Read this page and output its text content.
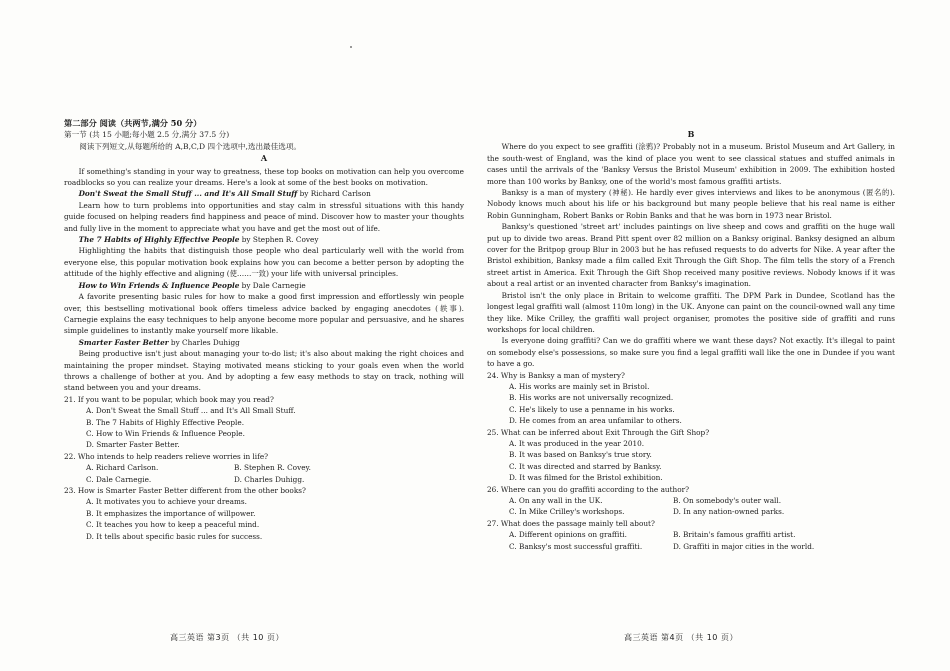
第二部分 阅读（共两节,满分 50 分）
第一节 (共 15 小题;每小题 2.5 分,满分 37.5 分)
阅读下列短文,从每题所给的 A,B,C,D 四个选项中,选出最佳选项。
A
If something's standing in your way to greatness, these top books on motivation can help you overcome roadblocks so you can realize your dreams. Here's a look at some of the best books on motivation.
Don't Sweat the Small Stuff ... and It's All Small Stuff by Richard Carlson
Learn how to turn problems into opportunities and stay calm in stressful situations with this handy guide focused on helping readers find happiness and peace of mind. Discover how to master your thoughts and fully live in the moment to appreciate what you have and get the most out of life.
The 7 Habits of Highly Effective People by Stephen R. Covey
Highlighting the habits that distinguish those people who deal particularly well with the world from everyone else, this popular motivation book explains how you can become a better person by adopting the attitude of the highly effective and aligning (使……一致) your life with universal principles.
How to Win Friends & Influence People by Dale Carnegie
A favorite presenting basic rules for how to make a good first impression and effortlessly win people over, this bestselling motivational book offers timeless advice backed by engaging anecdotes (轶事). Carnegie explains the easy techniques to help anyone become more popular and persuasive, and he shares simple guidelines to instantly make yourself more likable.
Smarter Faster Better by Charles Duhigg
Being productive isn't just about managing your to-do list; it's also about making the right choices and maintaining the proper mindset. Staying motivated means sticking to your goals even when the world throws a challenge of bother at you. And by adopting a few easy methods to stay on track, nothing will stand between you and your dreams.
21. If you want to be popular, which book may you read?
A. Don't Sweat the Small Stuff ... and It's All Small Stuff.
B. The 7 Habits of Highly Effective People.
C. How to Win Friends & Influence People.
D. Smarter Faster Better.
22. Who intends to help readers relieve worries in life?
A. Richard Carlson.	B. Stephen R. Covey.
C. Dale Carnegie.	D. Charles Duhigg.
23. How is Smarter Faster Better different from the other books?
A. It motivates you to achieve your dreams.
B. It emphasizes the importance of willpower.
C. It teaches you how to keep a peaceful mind.
D. It tells about specific basic rules for success.
B
Where do you expect to see graffiti (涂鸦)? Probably not in a museum. Bristol Museum and Art Gallery, in the south-west of England, was the kind of place you went to see classical statues and stuffed animals in cases until the arrivals of the 'Banksy Versus the Bristol Museum' exhibition in 2009. The exhibition hosted more than 100 works by Banksy, one of the world's most famous graffiti artists.
Banksy is a man of mystery (神秘). He hardly ever gives interviews and likes to be anonymous (匿名的). Nobody knows much about his life or his background but many people believe that his real name is either Robin Gunningham, Robert Banks or Robin Banks and that he was born in 1973 near Bristol.
Banksy's questioned 'street art' includes paintings on live sheep and cows and graffiti on the huge wall put up to divide two areas. Brand Pitt spent over 82 million on a Banksy original. Banksy designed an album cover for the Britpop group Blur in 2003 but he has refused requests to do adverts for Nike. A year after the Bristol exhibition, Banksy made a film called Exit Through the Gift Shop. The film tells the story of a French street artist in America. Exit Through the Gift Shop received many positive reviews. Nobody knows if it was about a real artist or an invented character from Banksy's imagination.
Bristol isn't the only place in Britain to welcome graffiti. The DPM Park in Dundee, Scotland has the longest legal graffiti wall (almost 110m long) in the UK. Anyone can paint on the council-owned wall any time they like. Mike Crilley, the graffiti wall project organiser, promotes the positive side of graffiti and runs workshops for local children.
Is everyone doing graffiti? Can we do graffiti where we want these days? Not exactly. It's illegal to paint on somebody else's possessions, so make sure you find a legal graffiti wall like the one in Dundee if you want to have a go.
24. Why is Banksy a man of mystery?
A. His works are mainly set in Bristol.
B. His works are not universally recognized.
C. He's likely to use a penname in his works.
D. He comes from an area unfamilar to others.
25. What can be inferred about Exit Through the Gift Shop?
A. It was produced in the year 2010.
B. It was based on Banksy's true story.
C. It was directed and starred by Banksy.
D. It was filmed for the Bristol exhibition.
26. Where can you do graffiti according to the author?
A. On any wall in the UK.	B. On somebody's outer wall.
C. In Mike Crilley's workshops.	D. In any nation-owned parks.
27. What does the passage mainly tell about?
A. Different opinions on graffiti.	B. Britain's famous graffiti artist.
C. Banksy's most successful graffiti.	D. Graffiti in major cities in the world.
高三英语 第3页 （共 10 页）	高三英语 第4页 （共 10 页）
